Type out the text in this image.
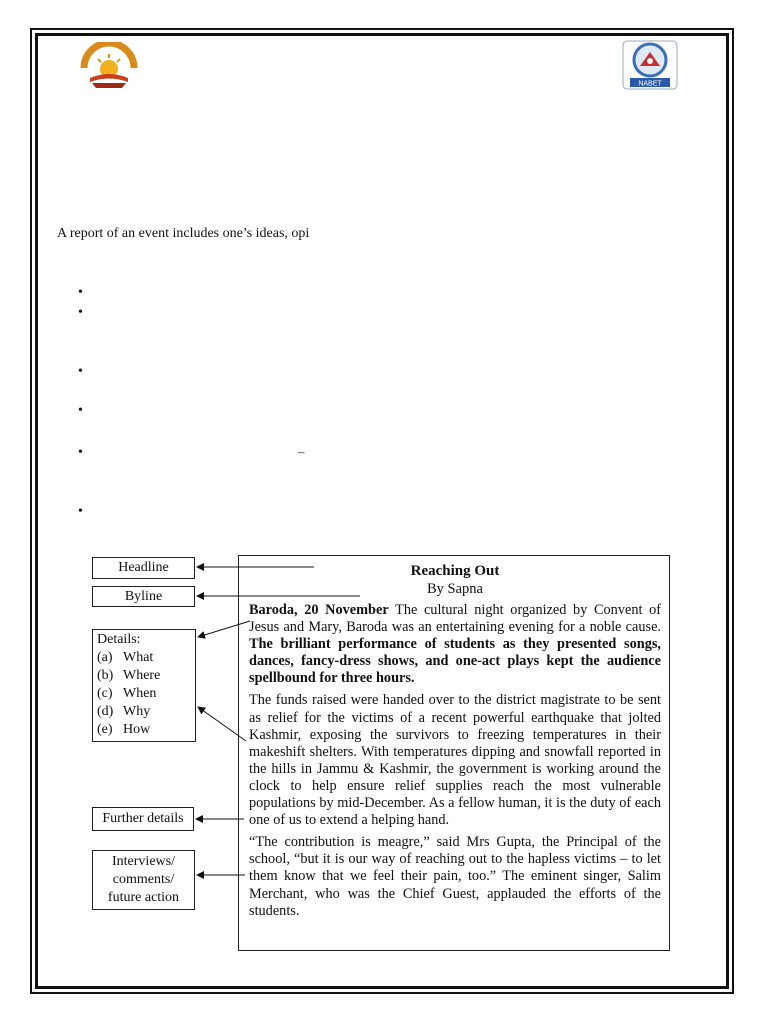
NABET
A report of an event includes one’s ideas, opi
•
•
•
•
•
•
–
Headline
Byline
Details:
(a) What
(b) Where
(c) When
(d) Why
(e) How
Further details
Interviews/
comments/
future action
Reaching Out
By Sapna

Baroda, 20 November The cultural night organized by Convent of Jesus and Mary, Baroda was an entertaining evening for a noble cause. The brilliant performance of students as they presented songs, dances, fancy-dress shows, and one-act plays kept the audience spellbound for three hours.

The funds raised were handed over to the district magistrate to be sent as relief for the victims of a recent powerful earthquake that jolted Kashmir, exposing the survivors to freezing temperatures in their makeshift shelters. With temperatures dipping and snowfall reported in the hills in Jammu & Kashmir, the government is working around the clock to help ensure relief supplies reach the most vulnerable populations by mid-December. As a fellow human, it is the duty of each one of us to extend a helping hand.

“The contribution is meagre,” said Mrs Gupta, the Principal of the school, “but it is our way of reaching out to the hapless victims – to let them know that we feel their pain, too.” The eminent singer, Salim Merchant, who was the Chief Guest, applauded the efforts of the students.
